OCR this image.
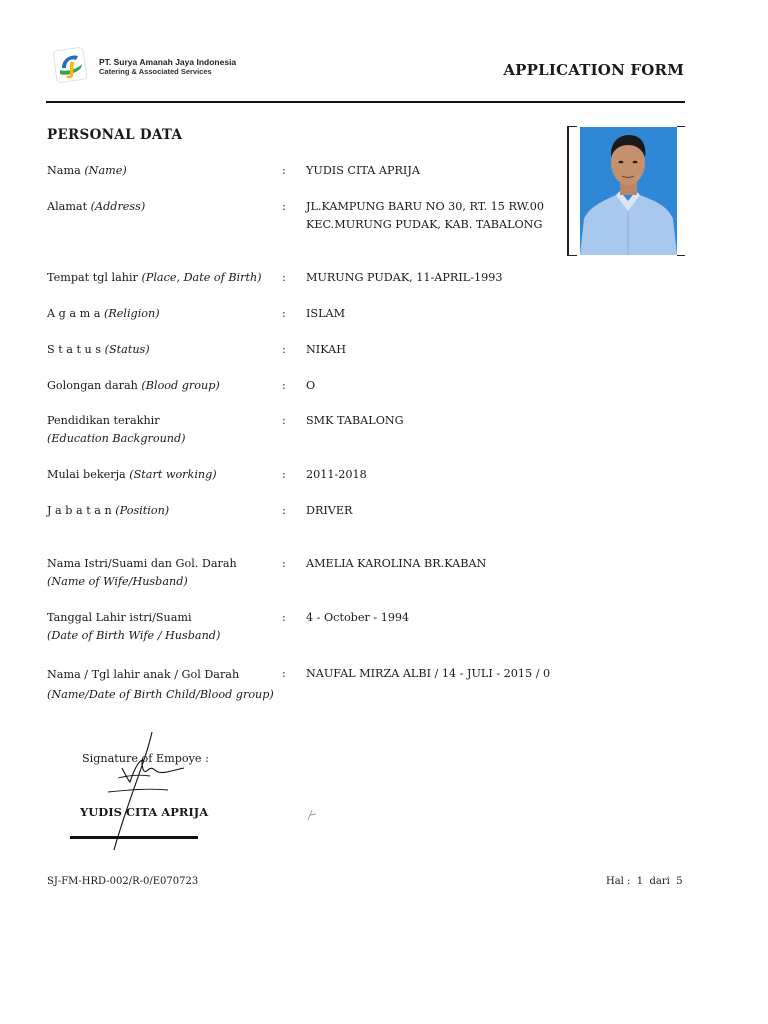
PT. Surya Amanah Jaya Indonesia
Catering & Associated Services	APPLICATION FORM
PERSONAL DATA
Nama (Name)	: YUDIS CITA APRIJA
Alamat (Address)	: JL.KAMPUNG BARU NO 30, RT. 15 RW.00
KEC.MURUNG PUDAK, KAB. TABALONG
Tempat tgl lahir (Place, Date of Birth) : MURUNG PUDAK, 11-APRIL-1993
A g a m a (Religion)	: ISLAM
S t a t u s (Status)	: NIKAH
Golongan darah (Blood group)	: O
Pendidikan terakhir
(Education Background)
: SMK TABALONG
Mulai bekerja (Start working)	: 2011-2018
J a b a t a n (Position)	: DRIVER
Nama Istri/Suami dan Gol. Darah
(Name of Wife/Husband)
: AMELIA KAROLINA BR.KABAN
Tanggal Lahir istri/Suami
(Date of Birth Wife / Husband)
: 4 - October - 1994
Nama / Tgl lahir anak / Gol Darah
(Name/Date of Birth Child/Blood group)
: NAUFAL MIRZA ALBI / 14 - JULI - 2015 / 0
Signature of Empoye :
YUDIS CITA APRIJA
SJ-FM-HRD-002/R-0/E070723	Hal : 1 dari 5
